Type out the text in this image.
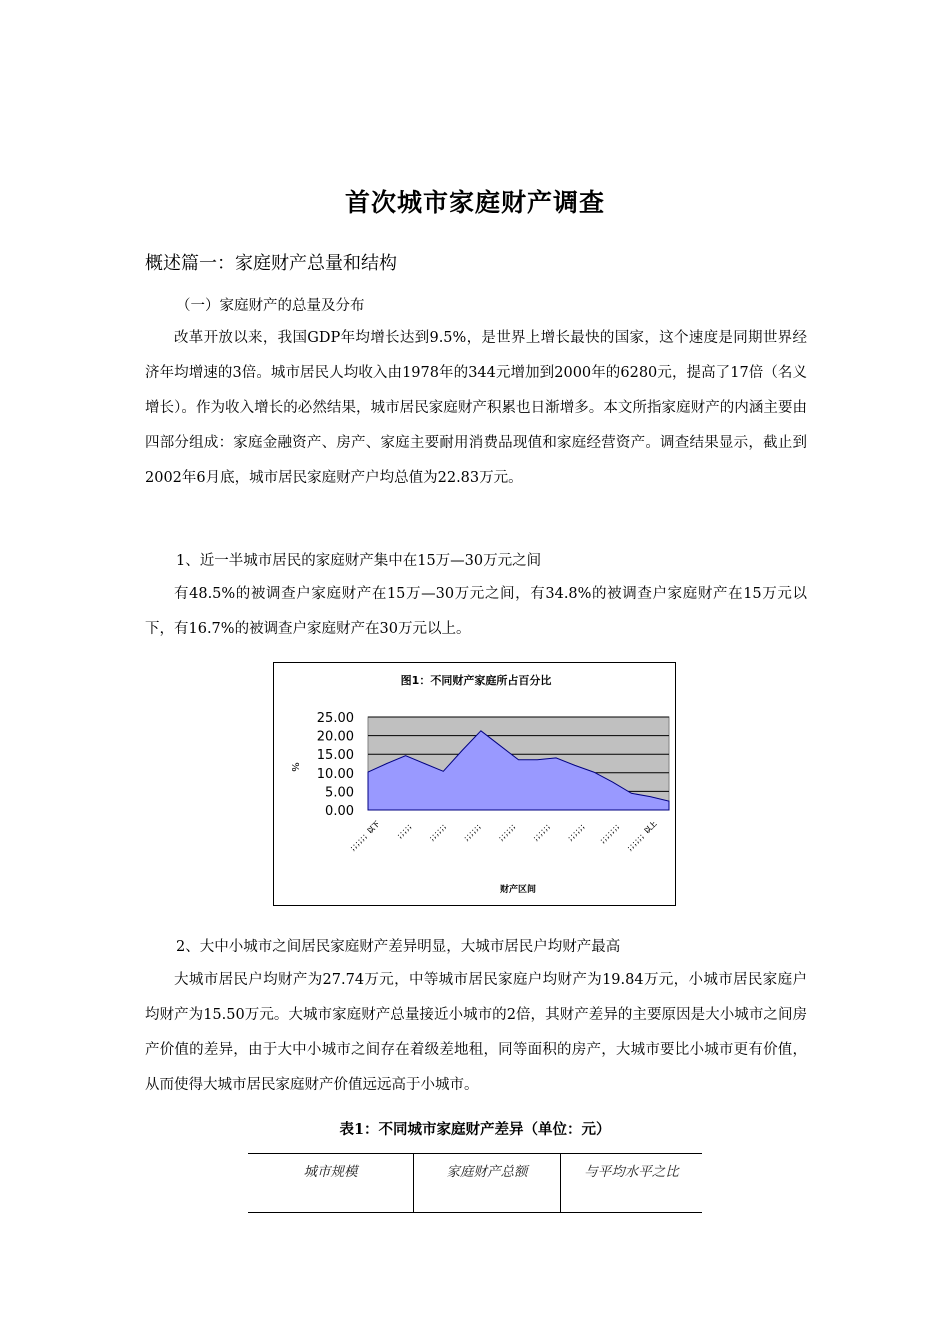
首次城市家庭财产调查
概述篇一：家庭财产总量和结构

（一）家庭财产的总量及分布

改革开放以来，我国GDP年均增长达到9.5%，是世界上增长最快的国家，这个速度是同期世界经济年均增速的3倍。城市居民人均收入由1978年的344元增加到2000年的6280元，提高了17倍（名义增长）。作为收入增长的必然结果，城市居民家庭财产积累也日渐增多。本文所指家庭财产的内涵主要由四部分组成：家庭金融资产、房产、家庭主要耐用消费品现值和家庭经营资产。调查结果显示，截止到2002年6月底，城市居民家庭财产户均总值为22.83万元。

1、近一半城市居民的家庭财产集中在15万—30万元之间

有48.5%的被调查户家庭财产在15万—30万元之间，有34.8%的被调查户家庭财产在15万元以下，有16.7%的被调查户家庭财产在30万元以上。

图1：不同财产家庭所占百分比
%
财产区间
0.00
5.00
10.00
15.00
20.00
25.00
；；；；；；以下 ；；；；； ；；；；；； ；；；；；； ；；；；；； ；；；；；； ；；；；；； ；；；；；；； ；；；；；；以上

2、大中小城市之间居民家庭财产差异明显，大城市居民户均财产最高

大城市居民户均财产为27.74万元，中等城市居民家庭户均财产为19.84万元，小城市居民家庭户均财产为15.50万元。大城市家庭财产总量接近小城市的2倍，其财产差异的主要原因是大小城市之间房产价值的差异，由于大中小城市之间存在着级差地租，同等面积的房产，大城市要比小城市更有价值，从而使得大城市居民家庭财产价值远远高于小城市。

表1：不同城市家庭财产差异（单位：元）
城市规模	家庭财产总额	与平均水平之比
